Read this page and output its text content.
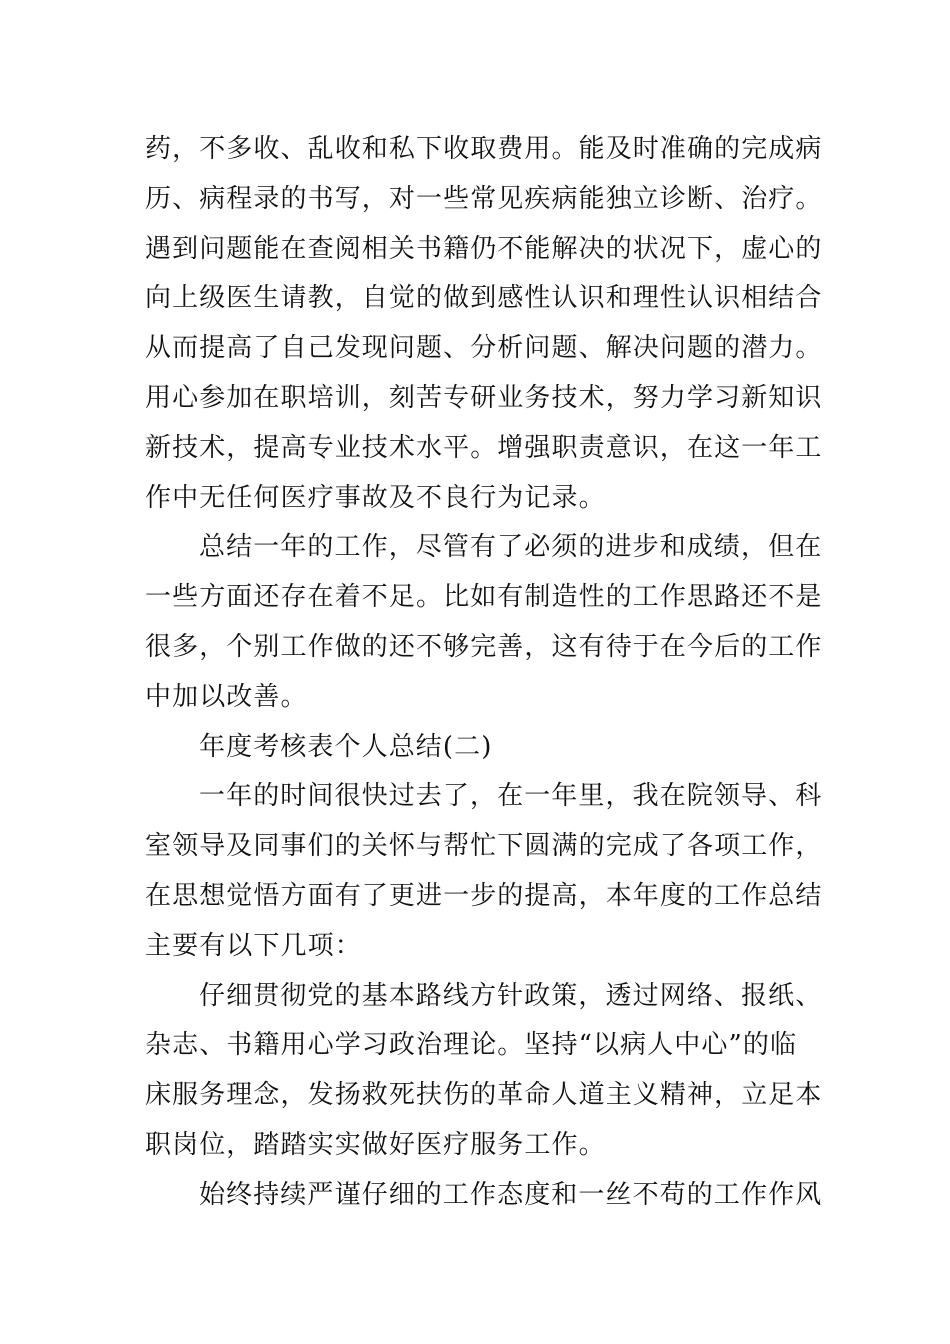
药，不多收、乱收和私下收取费用。能及时准确的完成病
历、病程录的书写，对一些常见疾病能独立诊断、治疗。
遇到问题能在查阅相关书籍仍不能解决的状况下，虚心的
向上级医生请教，自觉的做到感性认识和理性认识相结合
从而提高了自己发现问题、分析问题、解决问题的潜力。
用心参加在职培训，刻苦专研业务技术，努力学习新知识
新技术，提高专业技术水平。增强职责意识，在这一年工
作中无任何医疗事故及不良行为记录。
总结一年的工作，尽管有了必须的进步和成绩，但在
一些方面还存在着不足。比如有制造性的工作思路还不是
很多，个别工作做的还不够完善，这有待于在今后的工作
中加以改善。
年度考核表个人总结(二)
一年的时间很快过去了，在一年里，我在院领导、科
室领导及同事们的关怀与帮忙下圆满的完成了各项工作，
在思想觉悟方面有了更进一步的提高，本年度的工作总结
主要有以下几项：
仔细贯彻党的基本路线方针政策，透过网络、报纸、
杂志、书籍用心学习政治理论。坚持“以病人中心”的临
床服务理念，发扬救死扶伤的革命人道主义精神，立足本
职岗位，踏踏实实做好医疗服务工作。
始终持续严谨仔细的工作态度和一丝不苟的工作作风
